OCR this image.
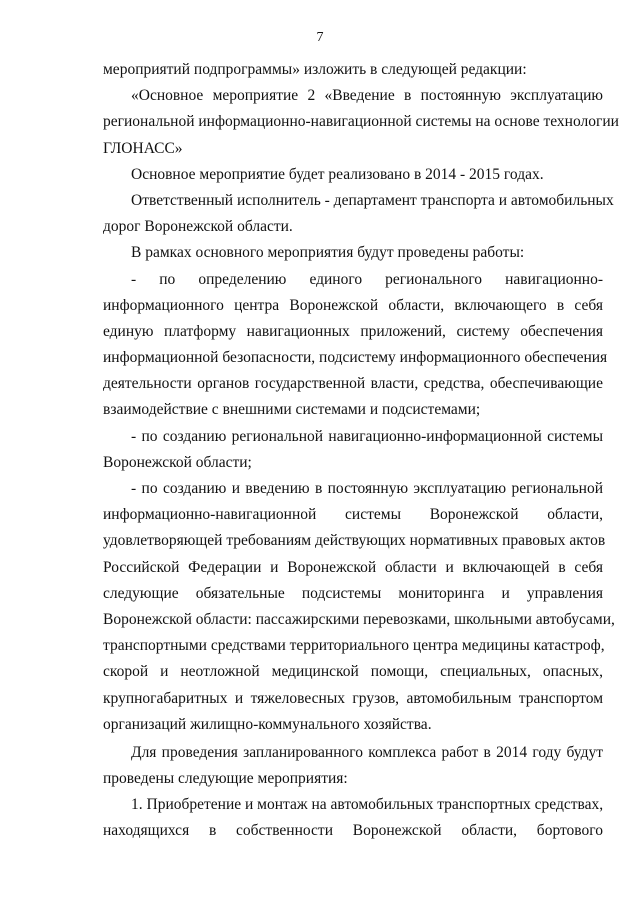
7
мероприятий подпрограммы» изложить в следующей редакции:
«Основное мероприятие 2 «Введение в постоянную эксплуатацию
региональной информационно-навигационной системы на основе технологии
ГЛОНАСС»
Основное мероприятие будет реализовано в 2014 - 2015 годах.
Ответственный исполнитель - департамент транспорта и автомобильных
дорог Воронежской области.
В рамках основного мероприятия будут проведены работы:
- по определению единого регионального навигационно-
информационного центра Воронежской области, включающего в себя
единую платформу навигационных приложений, систему обеспечения
информационной безопасности, подсистему информационного обеспечения
деятельности органов государственной власти, средства, обеспечивающие
взаимодействие с внешними системами и подсистемами;
- по созданию региональной навигационно-информационной системы
Воронежской области;
- по созданию и введению в постоянную эксплуатацию региональной
информационно-навигационной системы Воронежской области,
удовлетворяющей требованиям действующих нормативных правовых актов
Российской Федерации и Воронежской области и включающей в себя
следующие обязательные подсистемы мониторинга и управления
Воронежской области: пассажирскими перевозками, школьными автобусами,
транспортными средствами территориального центра медицины катастроф,
скорой и неотложной медицинской помощи, специальных, опасных,
крупногабаритных и тяжеловесных грузов, автомобильным транспортом
организаций жилищно-коммунального хозяйства.
Для проведения запланированного комплекса работ в 2014 году будут
проведены следующие мероприятия:
1. Приобретение и монтаж на автомобильных транспортных средствах,
находящихся в собственности Воронежской области, бортового
